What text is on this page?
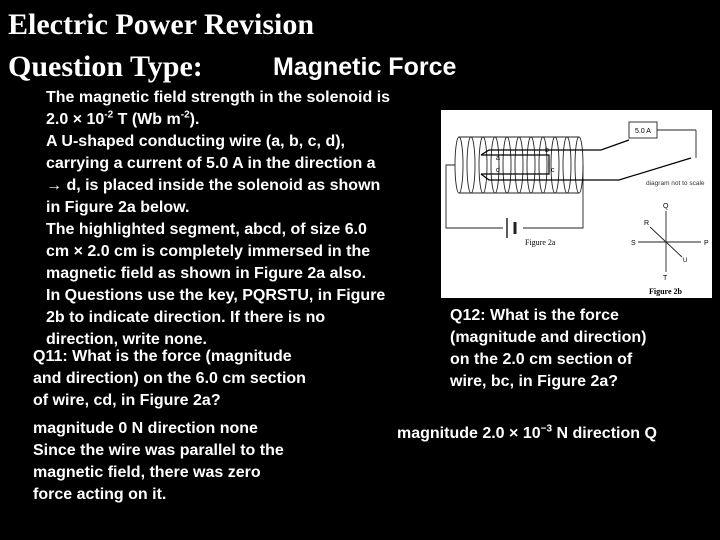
Electric Power Revision
Question Type:	Magnetic Force
The magnetic field strength in the solenoid is
$2.0 \times 10^{-2}$ T (Wb $m^{-2}$).
A U-shaped conducting wire (a, b, c, d),
carrying a current of 5.0 A in the direction a
→ d, is placed inside the solenoid as shown
in Figure 2a below.
The highlighted segment, abcd, of size 6.0
cm × 2.0 cm is completely immersed in the
magnetic field as shown in Figure 2a also.
In Questions use the key, PQRSTU, in Figure
2b to indicate direction. If there is no
direction, write none.
Q11: What is the force (magnitude
and direction) on the 6.0 cm section
of wire, cd, in Figure 2a?
magnitude 0 N direction none
Since the wire was parallel to the
magnetic field, there was zero
force acting on it.
Q12: What is the force
(magnitude and direction)
on the 2.0 cm section of
wire, bc, in Figure 2a?
magnitude $2.0 \times 10^{-3}$ N direction Q
5.0 A
a
b
c
d
diagram not to scale
Figure 2a
Q
R
S	P
T
U
Figure 2b
